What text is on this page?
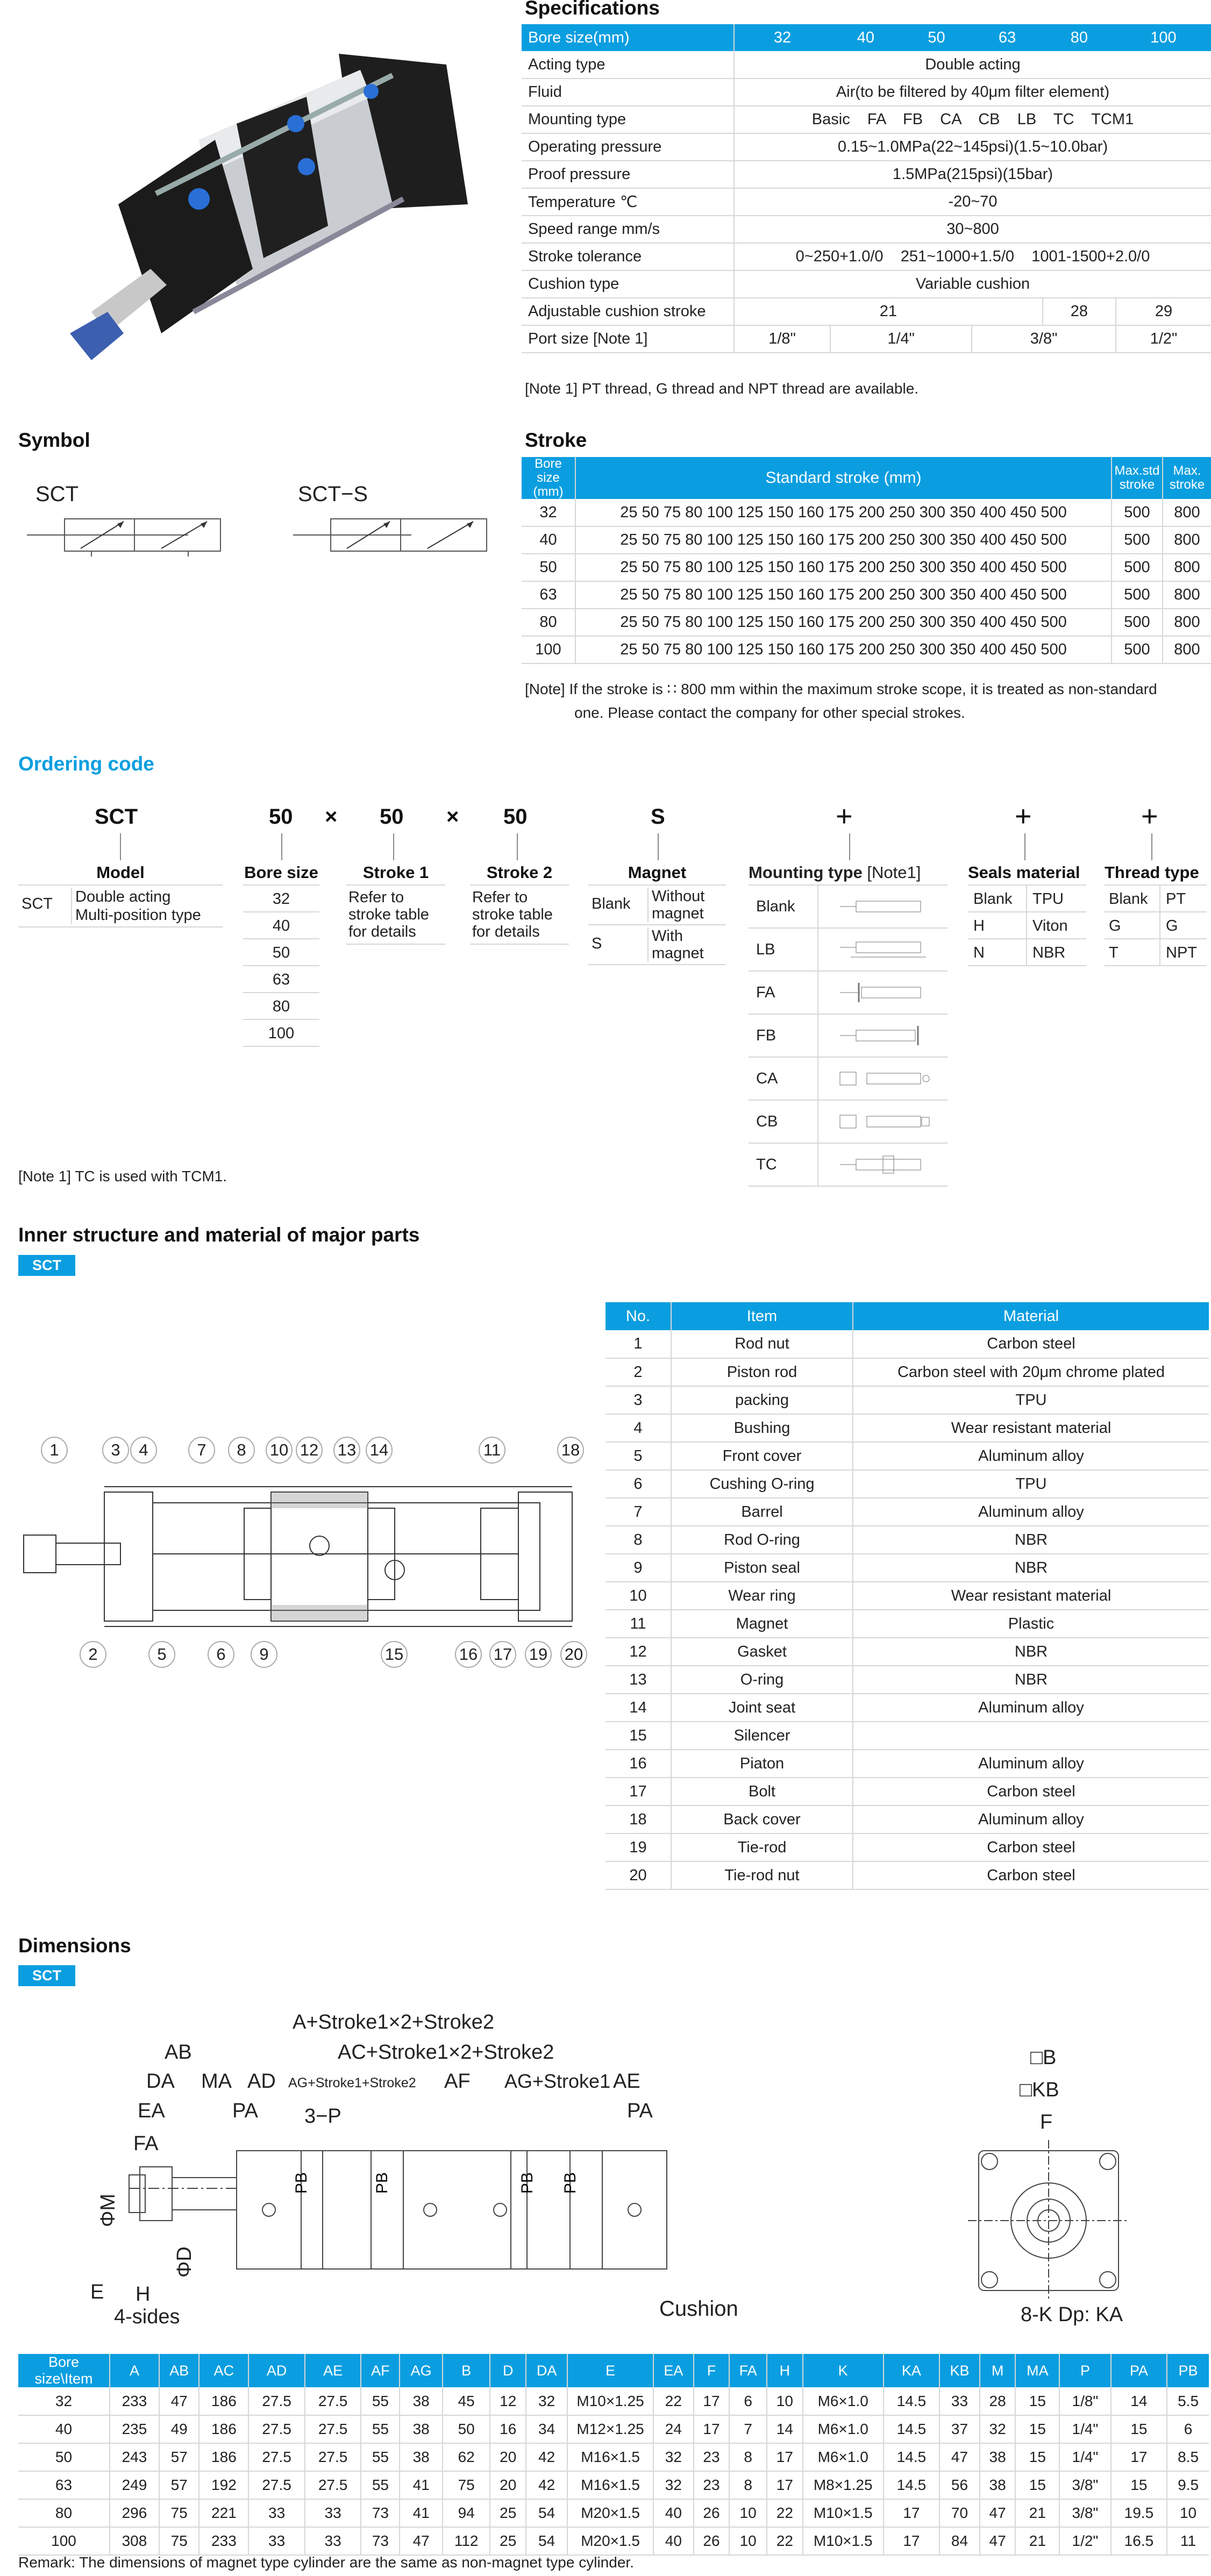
Specifications
Bore size(mm)	32	40	50	63	80	100
Acting type	Double acting					
Fluid	Air(to be filtered by 40μm filter element)					
Mounting type	Basic    FA    FB    CA    CB    LB    TC    TCM1					
Operating pressure	0.15~1.0MPa(22~145psi)(1.5~10.0bar)					
Proof pressure	1.5MPa(215psi)(15bar)					
Temperature ℃	-20~70					
Speed range mm/s	30~800					
Stroke tolerance	0~250+1.0/0    251~1000+1.5/0    1001-1500+2.0/0					
Cushion type	Variable cushion					
Adjustable cushion stroke	21				28	29
Port size [Note 1]	1/8"	1/4"		3/8"		1/2"
[Note 1] PT thread, G thread and NPT thread are available.
Symbol
SCT	SCT−S
Stroke
Bore size (mm)	Standard stroke (mm)	Max.std stroke	Max. stroke
32	25 50 75 80 100 125 150 160 175 200 250 300 350 400 450 500	500	800
40	25 50 75 80 100 125 150 160 175 200 250 300 350 400 450 500	500	800
50	25 50 75 80 100 125 150 160 175 200 250 300 350 400 450 500	500	800
63	25 50 75 80 100 125 150 160 175 200 250 300 350 400 450 500	500	800
80	25 50 75 80 100 125 150 160 175 200 250 300 350 400 450 500	500	800
100	25 50 75 80 100 125 150 160 175 200 250 300 350 400 450 500	500	800
[Note] If the stroke is ∷ 800 mm within the maximum stroke scope, it is treated as non-standard
one. Please contact the company for other special strokes.
Ordering code
SCT	50 × 50 × 50	S	+	+	+
Model
SCT	Double acting
Multi-position type
Bore size
32
40
50
63
80
100
Stroke 1
Refer to
stroke table
for details
Stroke 2
Refer to
stroke table
for details
Magnet
Blank	Without
magnet
S	With
magnet
Mounting type [Note1]
Blank
LB
FA
FB
CA
CB
TC
Seals material
Blank	TPU
H	Viton
N	NBR
Thread type
Blank	PT
G	G
T	NPT
[Note 1] TC is used with TCM1.
Inner structure and material of major parts
SCT
1	3	4	7	8	10 12 13 14	11	18
2	5	6	9	15	16 17 19 20
No.	Item	Material
1	Rod nut	Carbon steel
2	Piston rod	Carbon steel with 20μm chrome plated
3	packing	TPU
4	Bushing	Wear resistant material
5	Front cover	Aluminum alloy
6	Cushing O-ring	TPU
7	Barrel	Aluminum alloy
8	Rod O-ring	NBR
9	Piston seal	NBR
10	Wear ring	Wear resistant material
11	Magnet	Plastic
12	Gasket	NBR
13	O-ring	NBR
14	Joint seat	Aluminum alloy
15	Silencer	
16	Piaton	Aluminum alloy
17	Bolt	Carbon steel
18	Back cover	Aluminum alloy
19	Tie-rod	Carbon steel
20	Tie-rod nut	Carbon steel
Dimensions
SCT
A+Stroke1×2+Stroke2
AB	AC+Stroke1×2+Stroke2
DA MA AD AG+Stroke1+Stroke2 AF AG+Stroke1 AE
EA	PA 3−P	PA
FA
ΦM
ΦD
E H
4-sides	Cushion
PB	PB	PB PB
□B
□KB
F
8-K Dp: KA
Bore size\Item	A	AB	AC	AD	AE	AF	AG	B	D	DA	E	EA	F	FA	H	K	KA	KB	M	MA	P	PA	PB
32	233	47	186	27.5	27.5	55	38	45	12	32	M10×1.25	22	17	6	10	M6×1.0	14.5	33	28	15	1/8"	14	5.5
40	235	49	186	27.5	27.5	55	38	50	16	34	M12×1.25	24	17	7	14	M6×1.0	14.5	37	32	15	1/4"	15	6
50	243	57	186	27.5	27.5	55	38	62	20	42	M16×1.5	32	23	8	17	M6×1.0	14.5	47	38	15	1/4"	17	8.5
63	249	57	192	27.5	27.5	55	41	75	20	42	M16×1.5	32	23	8	17	M8×1.25	14.5	56	38	15	3/8"	15	9.5
80	296	75	221	33	33	73	41	94	25	54	M20×1.5	40	26	10	22	M10×1.5	17	70	47	21	3/8"	19.5	10
100	308	75	233	33	33	73	47	112	25	54	M20×1.5	40	26	10	22	M10×1.5	17	84	47	21	1/2"	16.5	11
Remark: The dimensions of magnet type cylinder are the same as non-magnet type cylinder.
